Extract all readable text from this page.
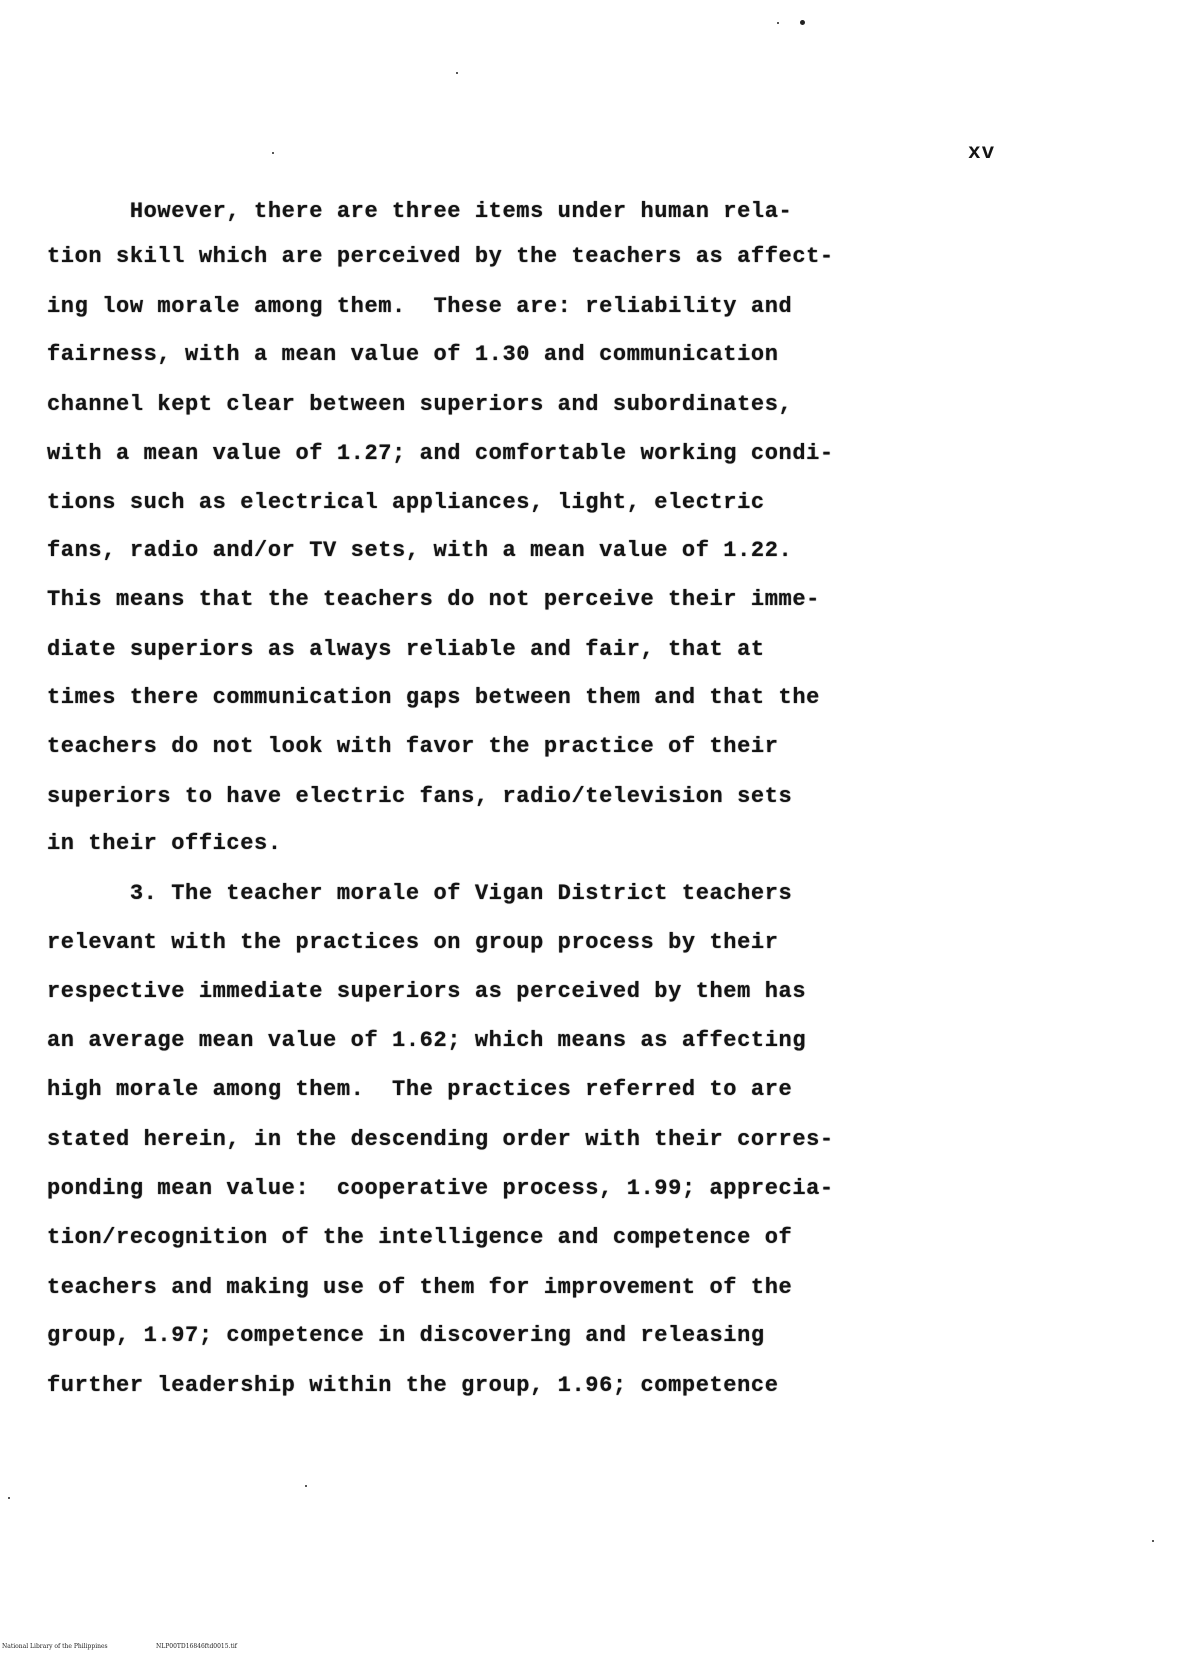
xv
However, there are three items under human rela-
tion skill which are perceived by the teachers as affect-
ing low morale among them.  These are: reliability and
fairness, with a mean value of 1.30 and communication
channel kept clear between superiors and subordinates,
with a mean value of 1.27; and comfortable working condi-
tions such as electrical appliances, light, electric
fans, radio and/or TV sets, with a mean value of 1.22.
This means that the teachers do not perceive their imme-
diate superiors as always reliable and fair, that at
times there communication gaps between them and that the
teachers do not look with favor the practice of their
superiors to have electric fans, radio/television sets
in their offices.
3. The teacher morale of Vigan District teachers
relevant with the practices on group process by their
respective immediate superiors as perceived by them has
an average mean value of 1.62; which means as affecting
high morale among them.  The practices referred to are
stated herein, in the descending order with their corres-
ponding mean value:  cooperative process, 1.99; apprecia-
tion/recognition of the intelligence and competence of
teachers and making use of them for improvement of the
group, 1.97; competence in discovering and releasing
further leadership within the group, 1.96; competence
National Library of the Philippines	NLP00TD16846ftd0015.tif
